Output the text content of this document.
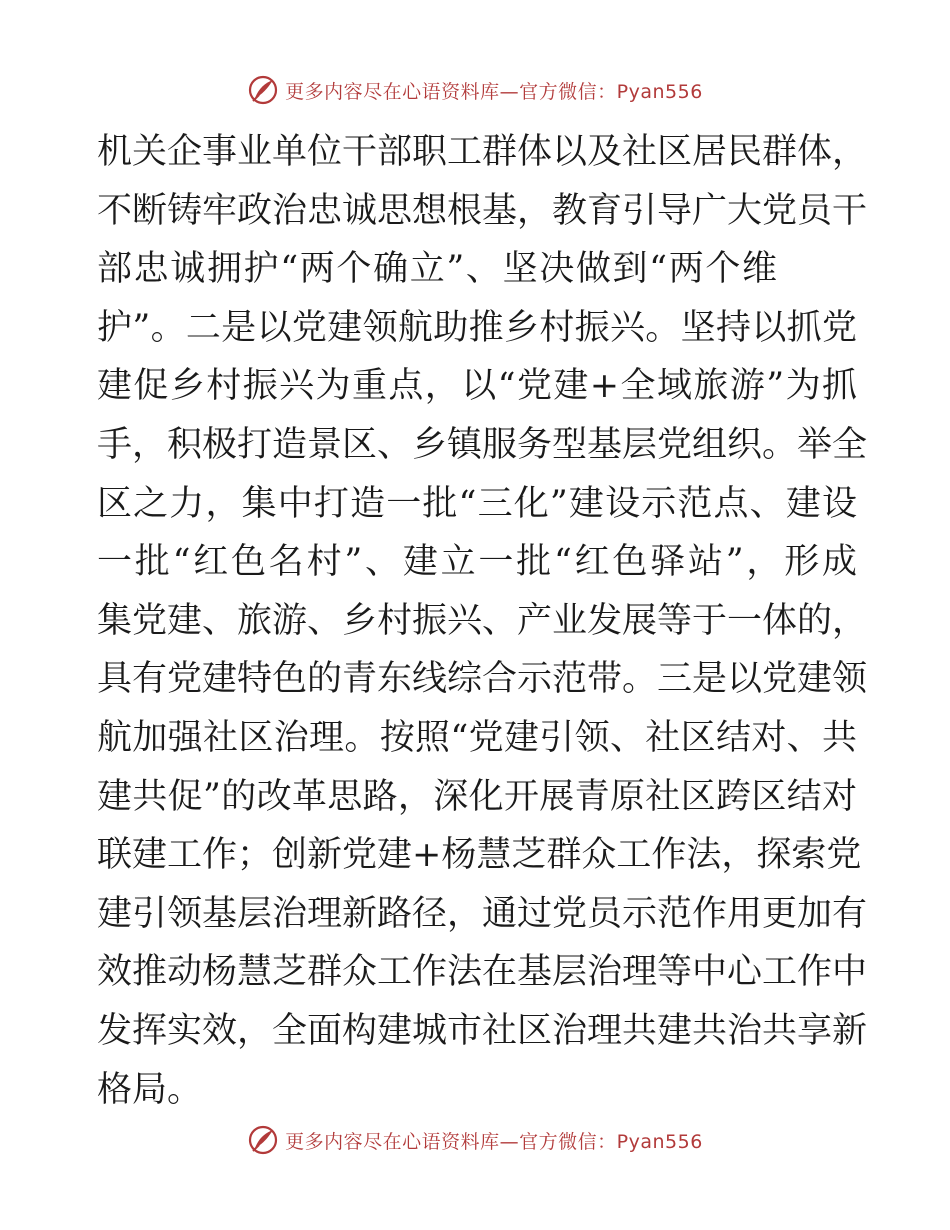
更多内容尽在心语资料库—官方微信：Pyan556
机关企事业单位干部职工群体以及社区居民群体，
不断铸牢政治忠诚思想根基，教育引导广大党员干
部忠诚拥护“两个确立”、坚决做到“两个维
护”。二是以党建领航助推乡村振兴。坚持以抓党
建促乡村振兴为重点，以“党建+全域旅游”为抓
手，积极打造景区、乡镇服务型基层党组织。举全
区之力，集中打造一批“三化”建设示范点、建设
一批“红色名村”、建立一批“红色驿站”，形成
集党建、旅游、乡村振兴、产业发展等于一体的，
具有党建特色的青东线综合示范带。三是以党建领
航加强社区治理。按照“党建引领、社区结对、共
建共促”的改革思路，深化开展青原社区跨区结对
联建工作；创新党建+杨慧芝群众工作法，探索党
建引领基层治理新路径，通过党员示范作用更加有
效推动杨慧芝群众工作法在基层治理等中心工作中
发挥实效，全面构建城市社区治理共建共治共享新
格局。
更多内容尽在心语资料库—官方微信：Pyan556
